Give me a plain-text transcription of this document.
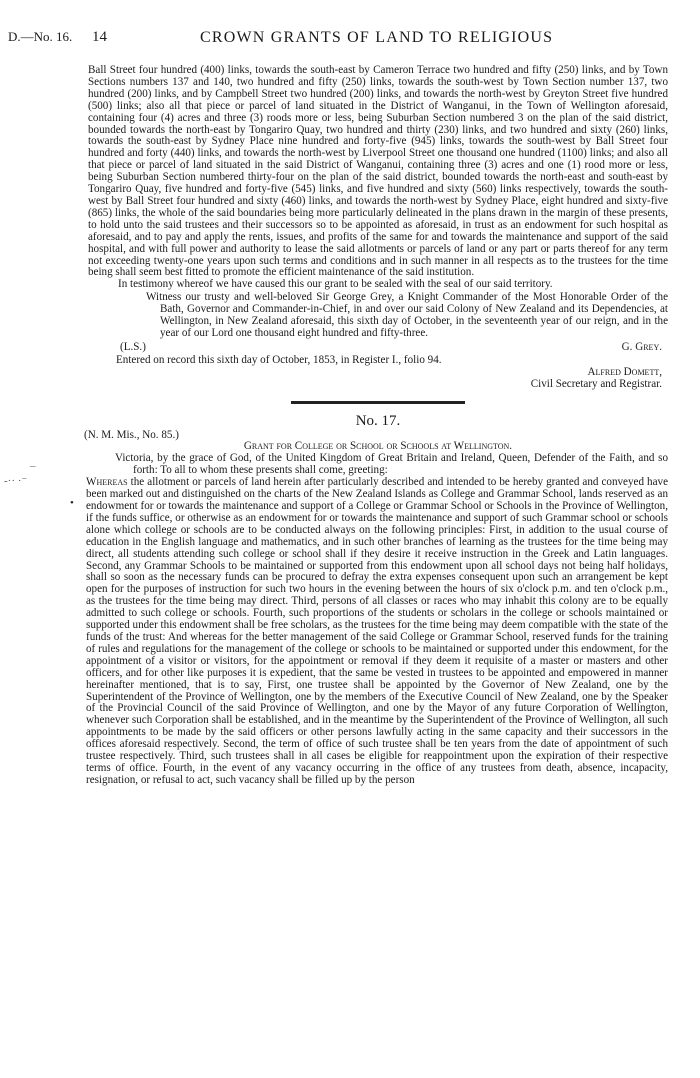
D.—No. 16. 14	CROWN GRANTS OF LAND TO RELIGIOUS
–
-·· ·⁻
•

Ball Street four hundred (400) links, towards the south-east by Cameron Terrace two hundred and fifty (250) links, and by Town Sections numbers 137 and 140, two hundred and fifty (250) links, towards the south-west by Town Section number 137, two hundred (200) links, and by Campbell Street two hundred (200) links, and towards the north-west by Greyton Street five hundred (500) links; also all that piece or parcel of land situated in the District of Wanganui, in the Town of Wellington aforesaid, containing four (4) acres and three (3) roods more or less, being Suburban Section numbered 3 on the plan of the said district, bounded towards the north-east by Tongariro Quay, two hundred and thirty (230) links, and two hundred and sixty (260) links, towards the south-east by Sydney Place nine hundred and forty-five (945) links, towards the south-west by Ball Street four hundred and forty (440) links, and towards the north-west by Liverpool Street one thousand one hundred (1100) links; and also all that piece or parcel of land situated in the said District of Wanganui, containing three (3) acres and one (1) rood more or less, being Suburban Section numbered thirty-four on the plan of the said district, bounded towards the north-east and south-east by Tongariro Quay, five hundred and forty-five (545) links, and five hundred and sixty (560) links respectively, towards the south-west by Ball Street four hundred and sixty (460) links, and towards the north-west by Sydney Place, eight hundred and sixty-five (865) links, the whole of the said boundaries being more particularly delineated in the plans drawn in the margin of these presents, to hold unto the said trustees and their successors so to be appointed as aforesaid, in trust as an endowment for such hospital as aforesaid, and to pay and apply the rents, issues, and profits of the same for and towards the maintenance and support of the said hospital, and with full power and authority to lease the said allotments or parcels of land or any part or parts thereof for any term not exceeding twenty-one years upon such terms and conditions and in such manner in all respects as to the trustees for the time being shall seem best fitted to promote the efficient maintenance of the said institution.

In testimony whereof we have caused this our grant to be sealed with the seal of our said territory.

Witness our trusty and well-beloved Sir George Grey, a Knight Commander of the Most Honorable Order of the Bath, Governor and Commander-in-Chief, in and over our said Colony of New Zealand and its Dependencies, at Wellington, in New Zealand aforesaid, this sixth day of October, in the seventeenth year of our reign, and in the year of our Lord one thousand eight hundred and fifty-three.

(L.S.)	G. Grey.

Entered on record this sixth day of October, 1853, in Register I., folio 94.

Alfred Domett,

Civil Secretary and Registrar.

No. 17.

(N. M. Mis., No. 85.)

Grant for College or School or Schools at Wellington.

Victoria, by the grace of God, of the United Kingdom of Great Britain and Ireland, Queen, Defender of the Faith, and so forth: To all to whom these presents shall come, greeting:

Whereas the allotment or parcels of land herein after particularly described and intended to be hereby granted and conveyed have been marked out and distinguished on the charts of the New Zealand Islands as College and Grammar School, lands reserved as an endowment for or towards the maintenance and support of a College or Grammar School or Schools in the Province of Wellington, if the funds suffice, or otherwise as an endowment for or towards the maintenance and support of such Grammar school or schools alone which college or schools are to be conducted always on the following principles: First, in addition to the usual course of education in the English language and mathematics, and in such other branches of learning as the trustees for the time being may direct, all students attending such college or school shall if they desire it receive instruction in the Greek and Latin languages. Second, any Grammar Schools to be maintained or supported from this endowment upon all school days not being half holidays, shall so soon as the necessary funds can be procured to defray the extra expenses consequent upon such an arrangement be kept open for the purposes of instruction for such two hours in the evening between the hours of six o'clock p.m. and ten o'clock p.m., as the trustees for the time being may direct. Third, persons of all classes or races who may inhabit this colony are to be equally admitted to such college or schools. Fourth, such proportions of the students or scholars in the college or schools maintained or supported under this endowment shall be free scholars, as the trustees for the time being may deem compatible with the state of the funds of the trust: And whereas for the better management of the said College or Grammar School, reserved funds for the training of rules and regulations for the management of the college or schools to be maintained or supported under this endowment, for the appointment of a visitor or visitors, for the appointment or removal if they deem it requisite of a master or masters and other officers, and for other like purposes it is expedient, that the same be vested in trustees to be appointed and empowered in manner hereinafter mentioned, that is to say, First, one trustee shall be appointed by the Governor of New Zealand, one by the Superintendent of the Province of Wellington, one by the members of the Executive Council of New Zealand, one by the Speaker of the Provincial Council of the said Province of Wellington, and one by the Mayor of any future Corporation of Wellington, whenever such Corporation shall be established, and in the meantime by the Superintendent of the Province of Wellington, all such appointments to be made by the said officers or other persons lawfully acting in the same capacity and their successors in the offices aforesaid respectively. Second, the term of office of such trustee shall be ten years from the date of appointment of such trustee respectively. Third, such trustees shall in all cases be eligible for reappointment upon the expiration of their respective terms of office. Fourth, in the event of any vacancy occurring in the office of any trustees from death, absence, incapacity, resignation, or refusal to act, such vacancy shall be filled up by the person
